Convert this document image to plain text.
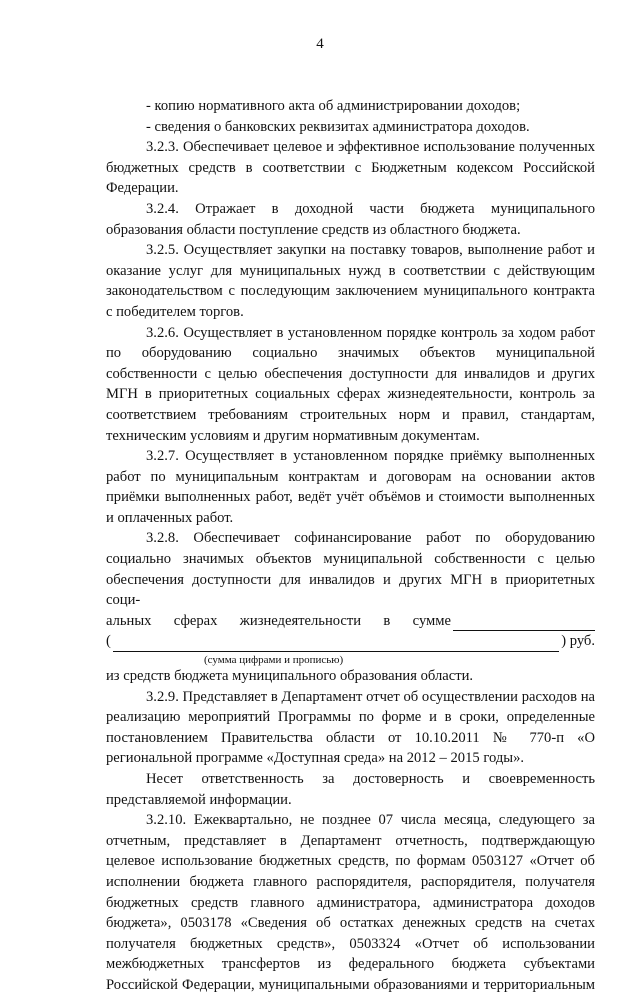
4

- копию нормативного акта об администрировании доходов;

- сведения о банковских реквизитах администратора доходов.

3.2.3. Обеспечивает целевое и эффективное использование полученных бюджетных средств в соответствии с Бюджетным кодексом Российской Федерации.

3.2.4. Отражает в доходной части бюджета муниципального образования области поступление средств из областного бюджета.

3.2.5. Осуществляет закупки на поставку товаров, выполнение работ и оказание услуг для муниципальных нужд в соответствии с действующим законодательством с последующим заключением муниципального контракта с победителем торгов.

3.2.6. Осуществляет в установленном порядке контроль за ходом работ по оборудованию социально значимых объектов муниципальной собственности с целью обеспечения доступности для инвалидов и других МГН в приоритетных социальных сферах жизнедеятельности, контроль за соответствием требованиям строительных норм и правил, стандартам, техническим условиям и другим нормативным документам.

3.2.7. Осуществляет в установленном порядке приёмку выполненных работ по муниципальным контрактам и договорам на основании актов приёмки выполненных работ, ведёт учёт объёмов и стоимости выполненных и оплаченных работ.

3.2.8. Обеспечивает софинансирование работ по оборудованию социально значимых объектов муниципальной собственности с целью обеспечения доступности для инвалидов и других МГН в приоритетных соци-

альных сферах жизнедеятельности в сумме
(	) руб.
(сумма цифрами и прописью)

из средств бюджета муниципального образования области.

3.2.9. Представляет в Департамент отчет об осуществлении расходов на реализацию мероприятий Программы по форме и в сроки, определенные постановлением Правительства области от 10.10.2011 № 770-п «О региональной программе «Доступная среда» на 2012 – 2015 годы».

Несет ответственность за достоверность и своевременность представляемой информации.

3.2.10. Ежеквартально, не позднее 07 числа месяца, следующего за отчетным, представляет в Департамент отчетность, подтверждающую целевое использование бюджетных средств, по формам 0503127 «Отчет об исполнении бюджета главного распорядителя, распорядителя, получателя бюджетных средств главного администратора, администратора доходов бюджета», 0503178 «Сведения об остатках денежных средств на счетах получателя бюджетных средств», 0503324 «Отчет об использовании межбюджетных трансфертов из федерального бюджета субъектами Российской Федерации, муниципальными образованиями и территориальным
